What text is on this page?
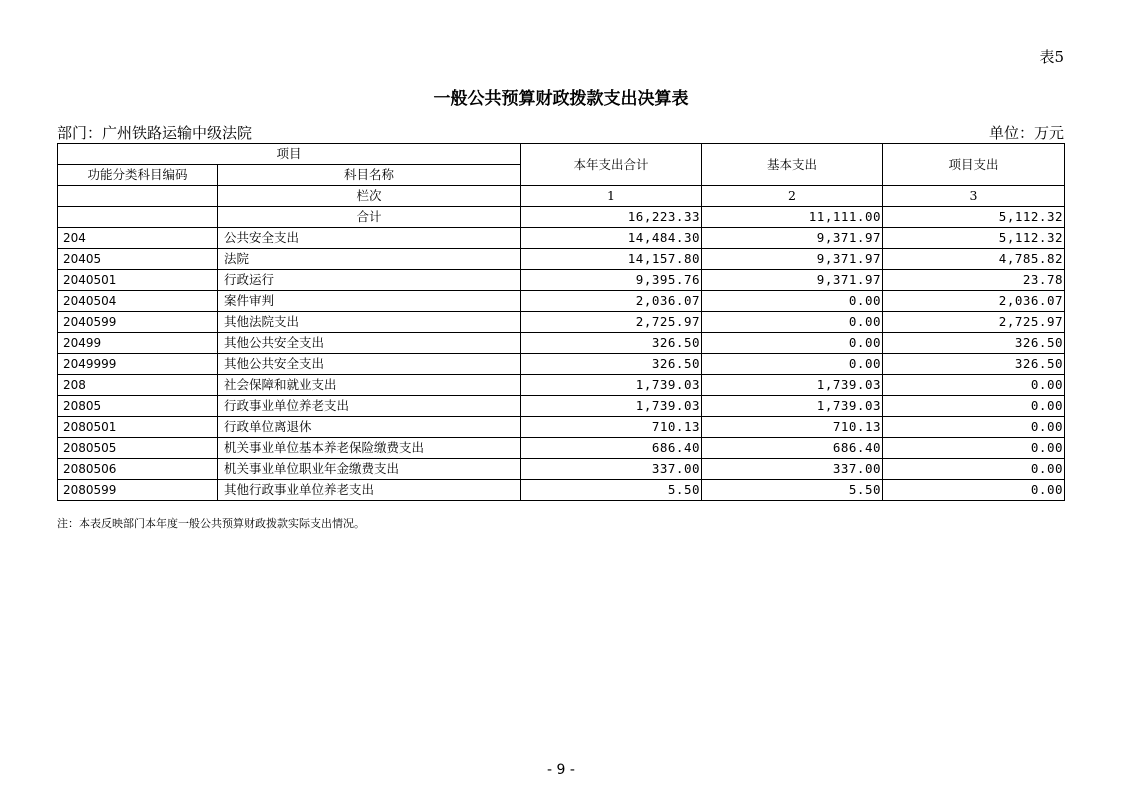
表5
一般公共预算财政拨款支出决算表
部门：广州铁路运输中级法院	单位：万元
项目		本年支出合计	基本支出	项目支出
功能分类科目编码	科目名称			
	栏次	1	2	3
	合计	16,223.33	11,111.00	5,112.32
204	公共安全支出	14,484.30	9,371.97	5,112.32
20405	法院	14,157.80	9,371.97	4,785.82
2040501	行政运行	9,395.76	9,371.97	23.78
2040504	案件审判	2,036.07	0.00	2,036.07
2040599	其他法院支出	2,725.97	0.00	2,725.97
20499	其他公共安全支出	326.50	0.00	326.50
2049999	其他公共安全支出	326.50	0.00	326.50
208	社会保障和就业支出	1,739.03	1,739.03	0.00
20805	行政事业单位养老支出	1,739.03	1,739.03	0.00
2080501	行政单位离退休	710.13	710.13	0.00
2080505	机关事业单位基本养老保险缴费支出	686.40	686.40	0.00
2080506	机关事业单位职业年金缴费支出	337.00	337.00	0.00
2080599	其他行政事业单位养老支出	5.50	5.50	0.00
注：本表反映部门本年度一般公共预算财政拨款实际支出情况。
- 9 -
